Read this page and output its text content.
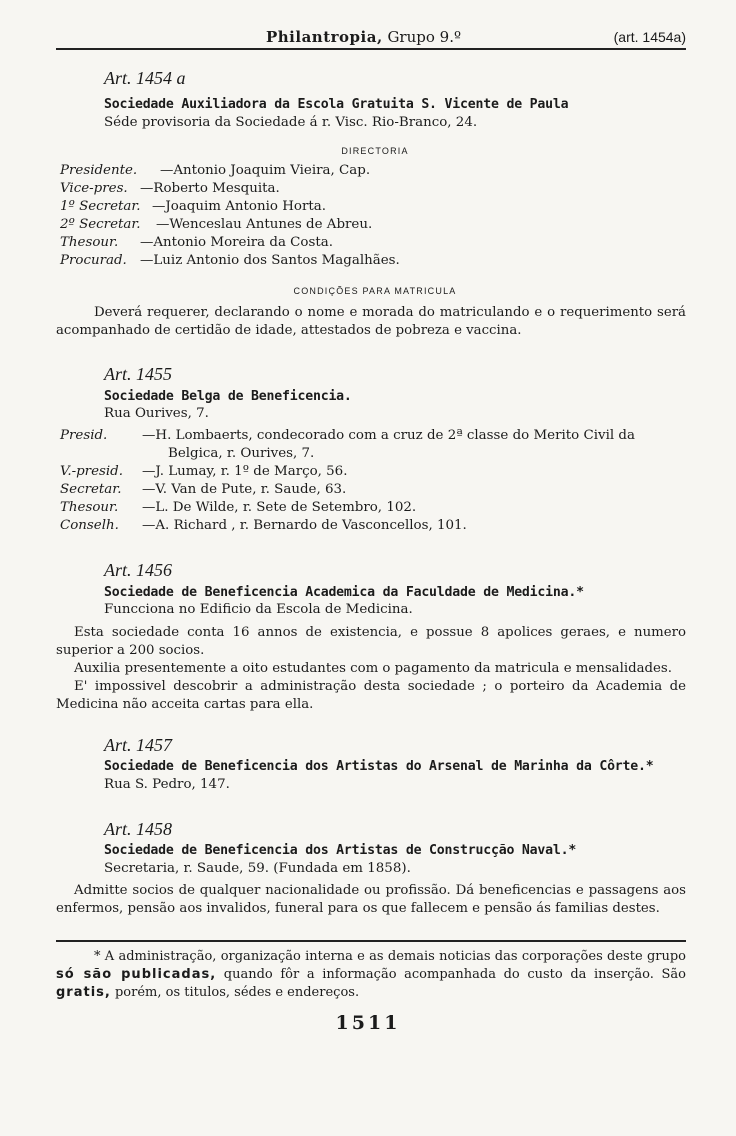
Philantropia, Grupo 9.º	(art. 1454a)
Art. 1454 a
Sociedade Auxiliadora da Escola Gratuita S. Vicente de Paula
Séde provisoria da Sociedade á r. Visc. Rio-Branco, 24.
DIRECTORIA
Presidente. —Antonio Joaquim Vieira, Cap.
Vice-pres. —Roberto Mesquita.
1º Secretar. —Joaquim Antonio Horta.
2º Secretar. —Wenceslau Antunes de Abreu.
Thesour. —Antonio Moreira da Costa.
Procurad. —Luiz Antonio dos Santos Magalhães.
CONDIÇÕES PARA MATRICULA
Deverá requerer, declarando o nome e morada do matriculando e o requerimento será acompanhado de certidão de idade, attestados de pobreza e vaccina.
Art. 1455
Sociedade Belga de Beneficencia.
Rua Ourives, 7.
Presid.	—H. Lombaerts, condecorado com a cruz de 2ª classe do Merito Civil da
Belgica, r. Ourives, 7.
V.-presid. —J. Lumay, r. 1º de Março, 56.
Secretar. —V. Van de Pute, r. Saude, 63.
Thesour. —L. De Wilde, r. Sete de Setembro, 102.
Conselh. —A. Richard , r. Bernardo de Vasconcellos, 101.
Art. 1456
Sociedade de Beneficencia Academica da Faculdade de Medicina.*
Funcciona no Edificio da Escola de Medicina.
Esta sociedade conta 16 annos de existencia, e possue 8 apolices geraes, e numero superior a 200 socios.
Auxilia presentemente a oito estudantes com o pagamento da matricula e mensalidades.
E' impossivel descobrir a administração desta sociedade ; o porteiro da Academia de Medicina não acceita cartas para ella.
Art. 1457
Sociedade de Beneficencia dos Artistas do Arsenal de Marinha da Côrte.*
Rua S. Pedro, 147.
Art. 1458
Sociedade de Beneficencia dos Artistas de Construcção Naval.*
Secretaria, r. Saude, 59. (Fundada em 1858).
Admitte socios de qualquer nacionalidade ou profissão. Dá beneficencias e passagens aos enfermos, pensão aos invalidos, funeral para os que fallecem e pensão ás familias destes.
* A administração, organização interna e as demais noticias das corporações deste grupo só são publicadas, quando fôr a informação acompanhada do custo da inserção. São gratis, porém, os titulos, sédes e endereços.
1511
